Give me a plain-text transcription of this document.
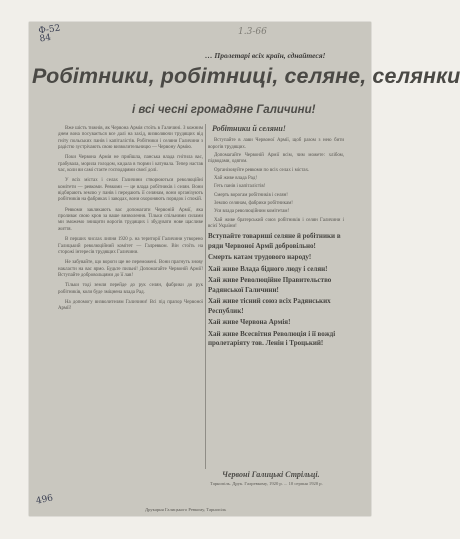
Ф-52
84
1.3-66
496
… Пролетарі всіх країн, єднайтеся!
Робітники, робітниці, селяне, селянки
і всі чесні громадяне Галичини!

Вже шість тижнів, як Червона Армія стоїть в Галичині. З кожним днем вона посувається все далі на захід, визволяючи трудящих від гніту польських панів і капіталістів. Робітники і селяни Галичини з радістю зустрічають свою визволительницю — Червону Армію.

Поки Червона Армія не прийшла, панська влада гнітила вас, грабувала, морила голодом, кидала в тюрми і катувала. Тепер настав час, коли ви самі стаєте господарями своєї долі.

У всіх містах і селах Галичини створюються революційні комітети — ревкоми. Ревкоми — це влада робітників і селян. Вони відбирають землю у панів і передають її селянам, вони організують робітників на фабриках і заводах, вони охороняють порядок і спокій.

Ревкоми закликають вас допомагати Червоній Армії, яка проливає свою кров за ваше визволення. Тільки спільними силами ми зможемо знищити ворогів трудящих і збудувати нове щасливе життя.

В перших числах липня 1920 р. на території Галичини утворено Галицький революційний комітет — Галревком. Він стоїть на сторожі інтересів трудящих Галичини.

Не забувайте, що вороги ще не переможені. Вони прагнуть знову накласти на вас ярмо. Будьте пильні! Допомагайте Червоній Армії! Вступайте добровольцями до її лав!

Тільки тоді земля перейде до рук селян, фабрики до рук робітників, коли буде зміцнена влада Рад.

На допомогу визволителям Галичини! Всі під прапор Червоної Армії!

Робітники й селяни!

Вступайте в лави Червоної Армії, щоб разом з нею бити ворогів трудящих.

Допомагайте Червоній Армії всім, чим можете: хлібом, підводами, одягом.

Організовуйте ревкоми по всіх селах і містах.

Хай живе влада Рад!

Геть панів і капіталістів!

Смерть ворогам робітників і селян!

Землю селянам, фабрики робітникам!

Уся влада революційним комітетам!

Хай живе братерський союз робітників і селян Галичини і всієї України!

Вступайте товариші селяне й робітники в ряди Червоної Армії добровільно!

Смерть катам трудового народу!

Хай живе Влада бідного люду і селян!

Хай живе Революційне Правительство Радянської Галичини!

Хай живе тісний союз всіх Радянських Республик!

Хай живе Червона Армія!

Хай живе Всесвітня Революція і її вожді пролетаріяту тов. Ленін і Троцький!

Червоні Галицькі Стрільці.
Тарнопіль. Друк. Галревкому, 1920 р. ... 10 серпня 1920 р.
Друкарня Галицького Ревкому, Тарнопіль
